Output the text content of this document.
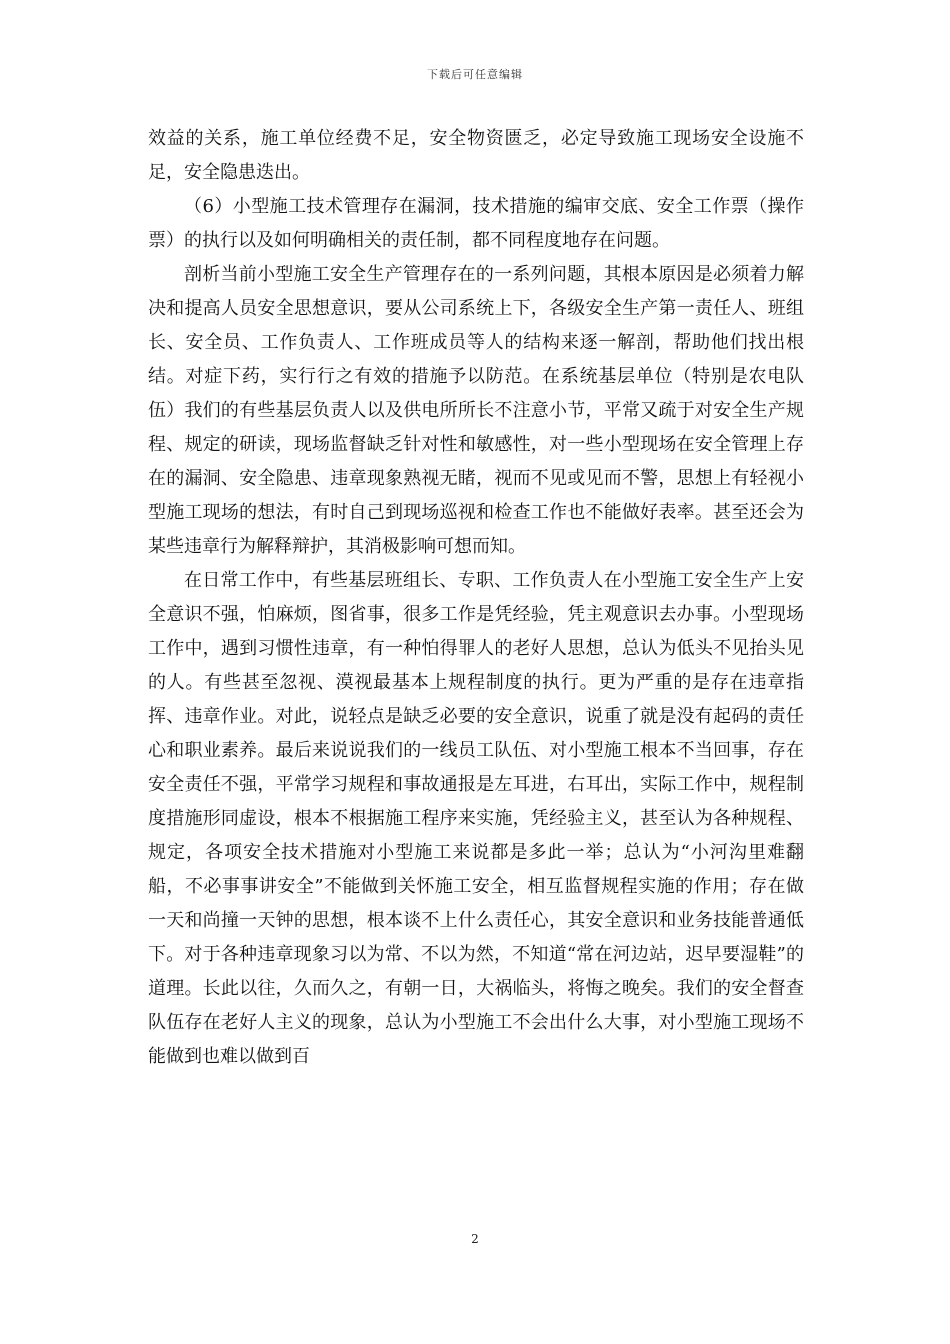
下载后可任意编辑

效益的关系，施工单位经费不足，安全物资匮乏，必定导致施工现场安全设施不足，安全隐患迭出。

（6）小型施工技术管理存在漏洞，技术措施的编审交底、安全工作票（操作票）的执行以及如何明确相关的责任制，都不同程度地存在问题。

剖析当前小型施工安全生产管理存在的一系列问题，其根本原因是必须着力解决和提高人员安全思想意识，要从公司系统上下，各级安全生产第一责任人、班组长、安全员、工作负责人、工作班成员等人的结构来逐一解剖，帮助他们找出根结。对症下药，实行行之有效的措施予以防范。在系统基层单位（特别是农电队伍）我们的有些基层负责人以及供电所所长不注意小节，平常又疏于对安全生产规程、规定的研读，现场监督缺乏针对性和敏感性，对一些小型现场在安全管理上存在的漏洞、安全隐患、违章现象熟视无睹，视而不见或见而不警，思想上有轻视小型施工现场的想法，有时自己到现场巡视和检查工作也不能做好表率。甚至还会为某些违章行为解释辩护，其消极影响可想而知。

在日常工作中，有些基层班组长、专职、工作负责人在小型施工安全生产上安全意识不强，怕麻烦，图省事，很多工作是凭经验，凭主观意识去办事。小型现场工作中，遇到习惯性违章，有一种怕得罪人的老好人思想，总认为低头不见抬头见的人。有些甚至忽视、漠视最基本上规程制度的执行。更为严重的是存在违章指挥、违章作业。对此，说轻点是缺乏必要的安全意识，说重了就是没有起码的责任心和职业素养。最后来说说我们的一线员工队伍、对小型施工根本不当回事，存在安全责任不强，平常学习规程和事故通报是左耳进，右耳出，实际工作中，规程制度措施形同虚设，根本不根据施工程序来实施，凭经验主义，甚至认为各种规程、规定，各项安全技术措施对小型施工来说都是多此一举；总认为“小河沟里难翻船，不必事事讲安全”不能做到关怀施工安全，相互监督规程实施的作用；存在做一天和尚撞一天钟的思想，根本谈不上什么责任心，其安全意识和业务技能普通低下。对于各种违章现象习以为常、不以为然，不知道“常在河边站，迟早要湿鞋”的道理。长此以往，久而久之，有朝一日，大祸临头，将悔之晚矣。我们的安全督查队伍存在老好人主义的现象，总认为小型施工不会出什么大事，对小型施工现场不能做到也难以做到百

2
